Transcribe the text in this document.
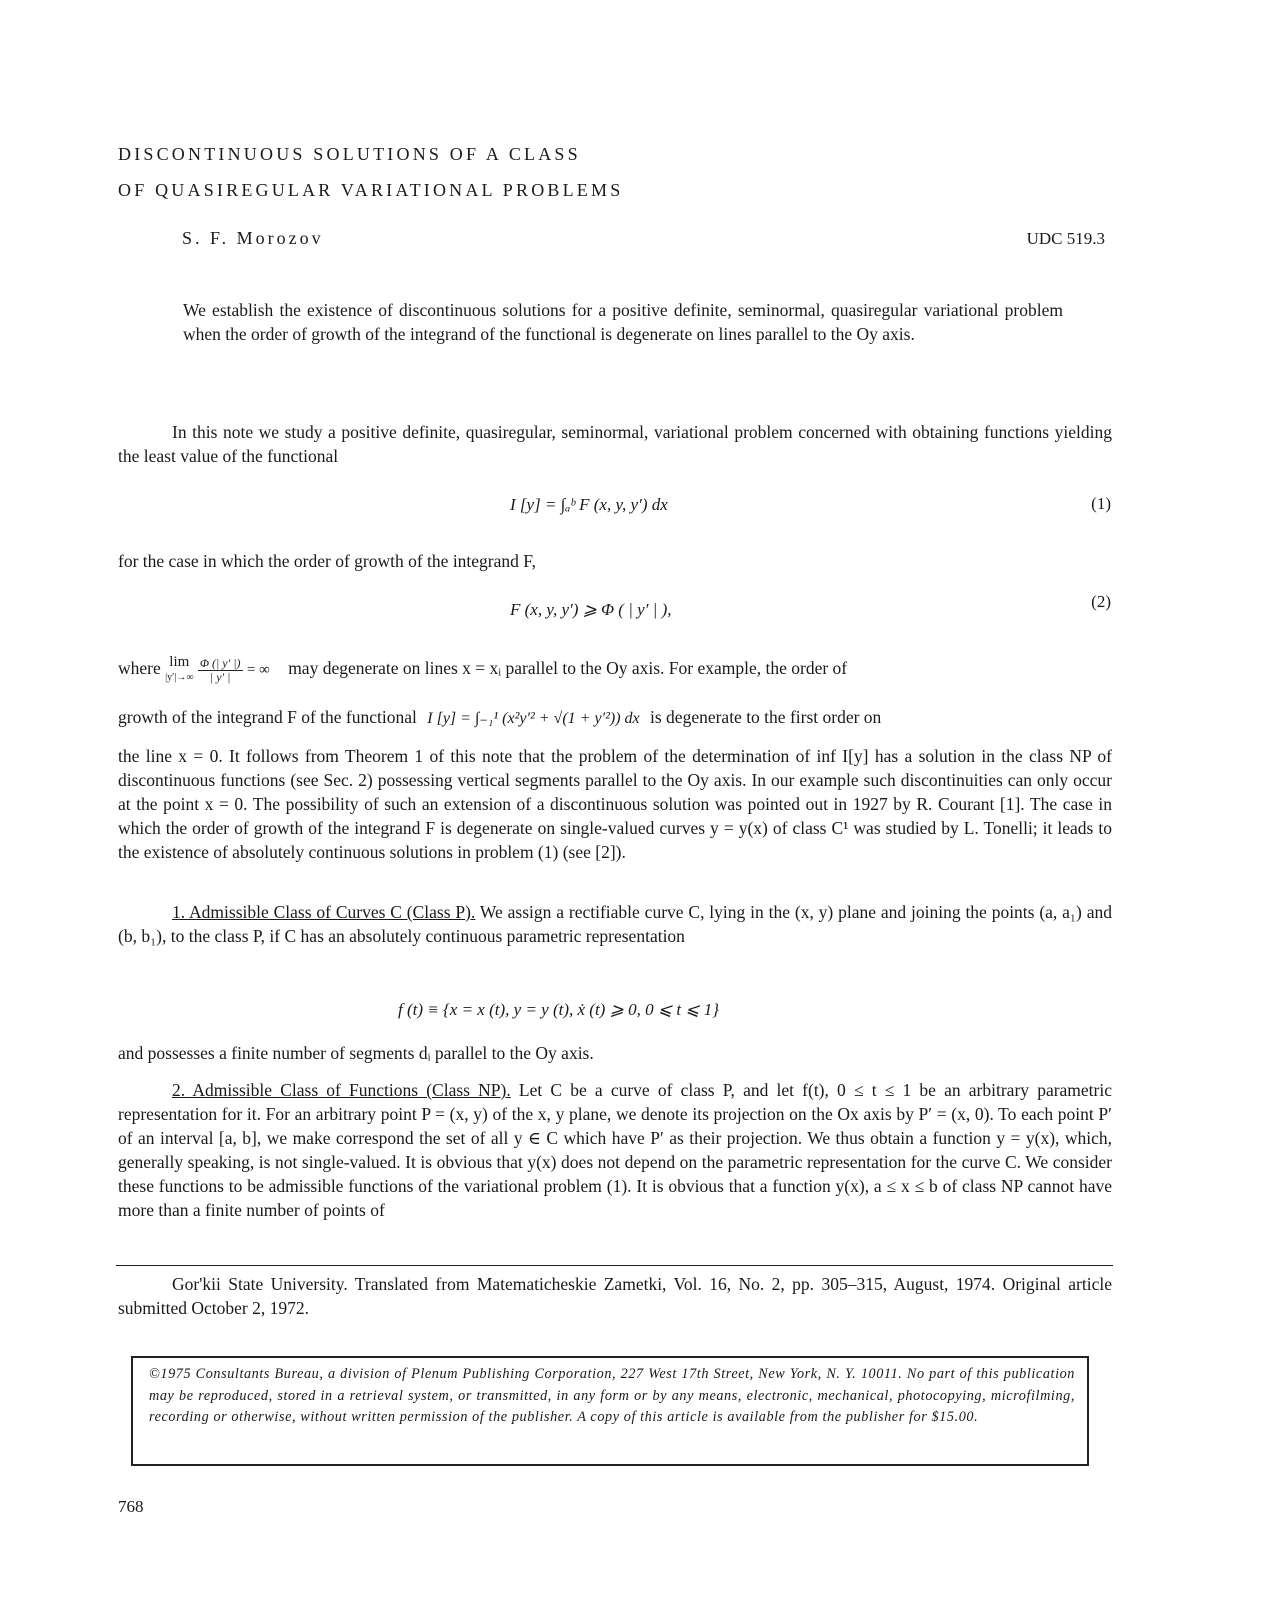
DISCONTINUOUS SOLUTIONS OF A CLASS
OF QUASIREGULAR VARIATIONAL PROBLEMS
S. F. Morozov	UDC 519.3
We establish the existence of discontinuous solutions for a positive definite, seminormal, quasiregular variational problem when the order of growth of the integrand of the functional is degenerate on lines parallel to the Oy axis.
In this note we study a positive definite, quasiregular, seminormal, variational problem concerned with obtaining functions yielding the least value of the functional
I [y] = ∫ₐᵇ F (x, y, y′) dx	(1)
for the case in which the order of growth of the integrand F,
F (x, y, y′) ⩾ Φ ( | y′ | ),	(2)
where lim
|y′|→∞
$\frac{\Phi (| y' |)}{| y' |}$ = ∞ may degenerate on lines x = xᵢ parallel to the Oy axis. For example, the order of
growth of the integrand F of the functional I [y] = ∫₋₁¹ (x²y′² + √(1 + y′²)) dx is degenerate to the first order on
the line x = 0. It follows from Theorem 1 of this note that the problem of the determination of inf I[y] has a solution in the class NP of discontinuous functions (see Sec. 2) possessing vertical segments parallel to the Oy axis. In our example such discontinuities can only occur at the point x = 0. The possibility of such an extension of a discontinuous solution was pointed out in 1927 by R. Courant [1]. The case in which the order of growth of the integrand F is degenerate on single-valued curves y = y(x) of class C¹ was studied by L. Tonelli; it leads to the existence of absolutely continuous solutions in problem (1) (see [2]).
1. Admissible Class of Curves C (Class P). We assign a rectifiable curve C, lying in the (x, y) plane and joining the points (a, a₁) and (b, b₁), to the class P, if C has an absolutely continuous parametric representation
f (t) ≡ {x = x (t), y = y (t), ẋ (t) ⩾ 0, 0 ⩽ t ⩽ 1}
and possesses a finite number of segments dᵢ parallel to the Oy axis.
2. Admissible Class of Functions (Class NP). Let C be a curve of class P, and let f(t), 0 ≤ t ≤ 1 be an arbitrary parametric representation for it. For an arbitrary point P = (x, y) of the x, y plane, we denote its projection on the Ox axis by P′ = (x, 0). To each point P′ of an interval [a, b], we make correspond the set of all y ∈ C which have P′ as their projection. We thus obtain a function y = y(x), which, generally speaking, is not single-valued. It is obvious that y(x) does not depend on the parametric representation for the curve C. We consider these functions to be admissible functions of the variational problem (1). It is obvious that a function y(x), a ≤ x ≤ b of class NP cannot have more than a finite number of points of
Gor'kii State University. Translated from Matematicheskie Zametki, Vol. 16, No. 2, pp. 305–315, August, 1974. Original article submitted October 2, 1972.
©1975 Consultants Bureau, a division of Plenum Publishing Corporation, 227 West 17th Street, New York, N. Y. 10011. No part of this publication may be reproduced, stored in a retrieval system, or transmitted, in any form or by any means, electronic, mechanical, photocopying, microfilming, recording or otherwise, without written permission of the publisher. A copy of this article is available from the publisher for $15.00.
768
